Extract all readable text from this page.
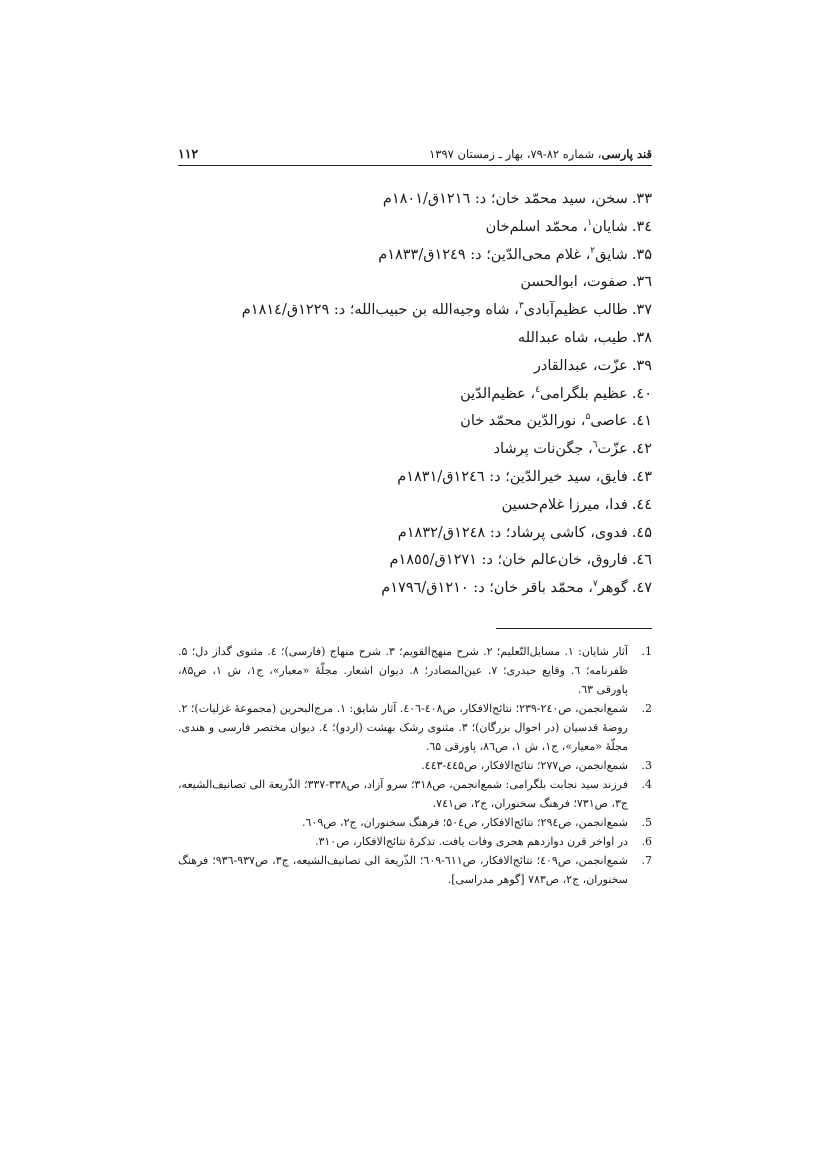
قند پارسی، شماره ۸۲-۷۹، بهار ـ زمستان ۱۳۹۷
۱۱۲
۳۳.سخن، سید محمّد خان؛ د: ١٢١٦ق/١٨٠١م
۳٤.شایان$^۱$، محمّد اسلم‌خان
۳۵.شایق$^۲$، غلام محی‌الدّین؛ د: ١٢٤٩ق/١٨٣٣م
۳٦.صفوت، ابوالحسن
۳۷.طالب عظیم‌آبادی$^۳$، شاه وجیه‌الله بن حبیب‌الله؛ د: ١٢٢٩ق/١٨١٤م
۳۸.طیب، شاه عبدالله
۳۹.عزّت، عبدالقادر
٤۰.عظیم بلگرامی$^٤$، عظیم‌الدّین
٤۱.عاصی$^۵$، نورالدّین محمّد خان
٤۲.عزّت$^٦$، جگن‌نات پرشاد
٤۳.فایق، سید خیرالدّین؛ د: ١٢٤٦ق/١٨٣١م
٤٤.فدا، میرزا غلام‌حسین
٤۵.فدوی، کاشی پرشاد؛ د: ١٢٤٨ق/١٨٣٢م
٤٦.فاروق، خان‌عالم خان؛ د: ١٢٧١ق/١٨٥٥م
٤۷.گوهر$^۷$، محمّد باقر خان؛ د: ١٢١٠ق/١٧٩٦م
1.
آثار شایان: ۱. مسایل‌التّعلیم؛ ۲. شرح منهج‌القویم؛ ۳. شرح منهاج (فارسی)؛ ٤. مثنوی گداز دل؛ ۵. ظفرنامه؛ ٦. وقایع حیدری؛ ۷. عین‌المصادر؛ ۸. دیوان اشعار. مجلّهٔ «معیار»، ج۱، ش ۱، ص۸۵، پاورقی ٦٣.
2.
شمع‌انجمن، ص۲٤۰-۲۳۹؛ نتائج‌الافکار، ص٤۰۸-٤۰٦. آثار شایق: ۱. مرج‌البحرین (مجموعهٔ غزلیات)؛ ۲. روضهٔ قدسیان (در احوال بزرگان)؛ ۳. مثنوی رشک بهشت (اردو)؛ ٤. دیوان مختصر فارسی و هندی. مجلّهٔ «معیار»، ج۱، ش ۱، ص۸٦، پاورقی ٦۵.
3.
شمع‌انجمن، ص۲۷۷؛ نتائج‌الافکار، ص٤٤۵-٤٤۳.
4.
فرزند سید نجابت بلگرامی: شمع‌انجمن، ص۳۱۸؛ سرو آزاد، ص۳۳۸-۳۳۷؛ الذّریعة الی تصانیف‌الشیعه، ج۳، ص۷۳۱؛ فرهنگ سخنوران، ج۲، ص٧٤١.
5.
شمع‌انجمن، ص۲۹٤؛ نتائج‌الافکار، ص۵۰٤؛ فرهنگ سخنوران، ج۲، ص٦۰۹.
6.
در اواخر قرن دوازدهم هجری وفات یافت. تذکرهٔ نتائج‌الافکار، ص۳۱۰.
7.
شمع‌انجمن، ص٤۰۹؛ نتائج‌الافکار، ص٦۱۱-٦۰۹؛ الذّریعة الی تصانیف‌الشیعه، ج۳، ص۹۳۷-۹۳٦؛ فرهنگ سخنوران، ج۲، ص۷۸۳ [گوهر مدراسی].
